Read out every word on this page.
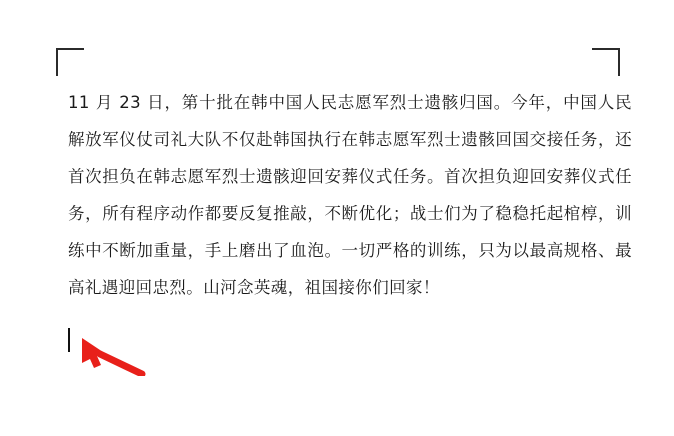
11 月 23 日，第十批在韩中国人民志愿军烈士遗骸归国。今年，中国人民解放军仪仗司礼大队不仅赴韩国执行在韩志愿军烈士遗骸回国交接任务，还首次担负在韩志愿军烈士遗骸迎回安葬仪式任务。首次担负迎回安葬仪式任务，所有程序动作都要反复推敲，不断优化；战士们为了稳稳托起棺椁，训练中不断加重量，手上磨出了血泡。一切严格的训练，只为以最高规格、最高礼遇迎回忠烈。山河念英魂，祖国接你们回家！
